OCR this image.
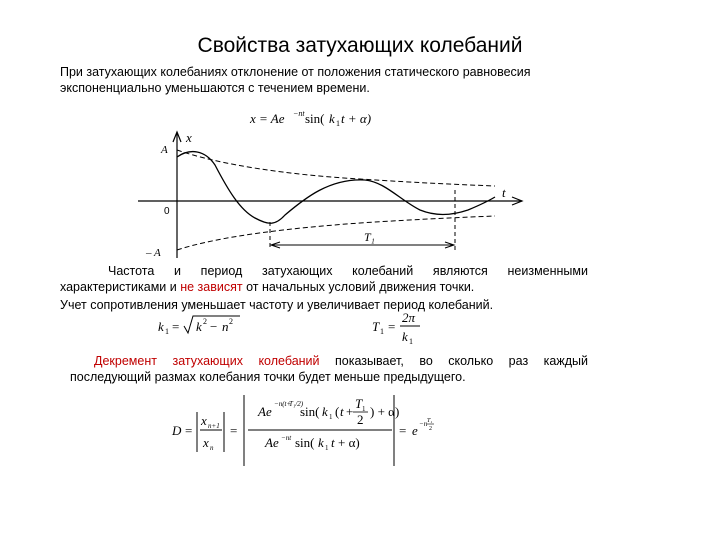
Свойства затухающих колебаний
При затухающих колебаниях отклонение от положения статического равновесия
экспоненциально уменьшаются с течением времени.
x = Ae −nt sin( k 1 t + α)
x
t
A
0
– A
T₁
k 1 = k 2 − n 2	T 1 =
2π
k 1
D =
x n+1
x n
=
Ae −n(t+
T₁/2)
sin( k 1 ( t +
T 1
2
) + α)
Ae −nt sin( k 1 t + α)
= e −n T₁
2
Частота и период затухающих колебаний являются неизменными
характеристиками и не зависят от начальных условий движения точки.
Учет сопротивления уменьшает частоту и увеличивает период колебаний.
Декремент затухающих колебаний показывает, во сколько раз каждый
последующий размах колебания точки будет меньше предыдущего.
